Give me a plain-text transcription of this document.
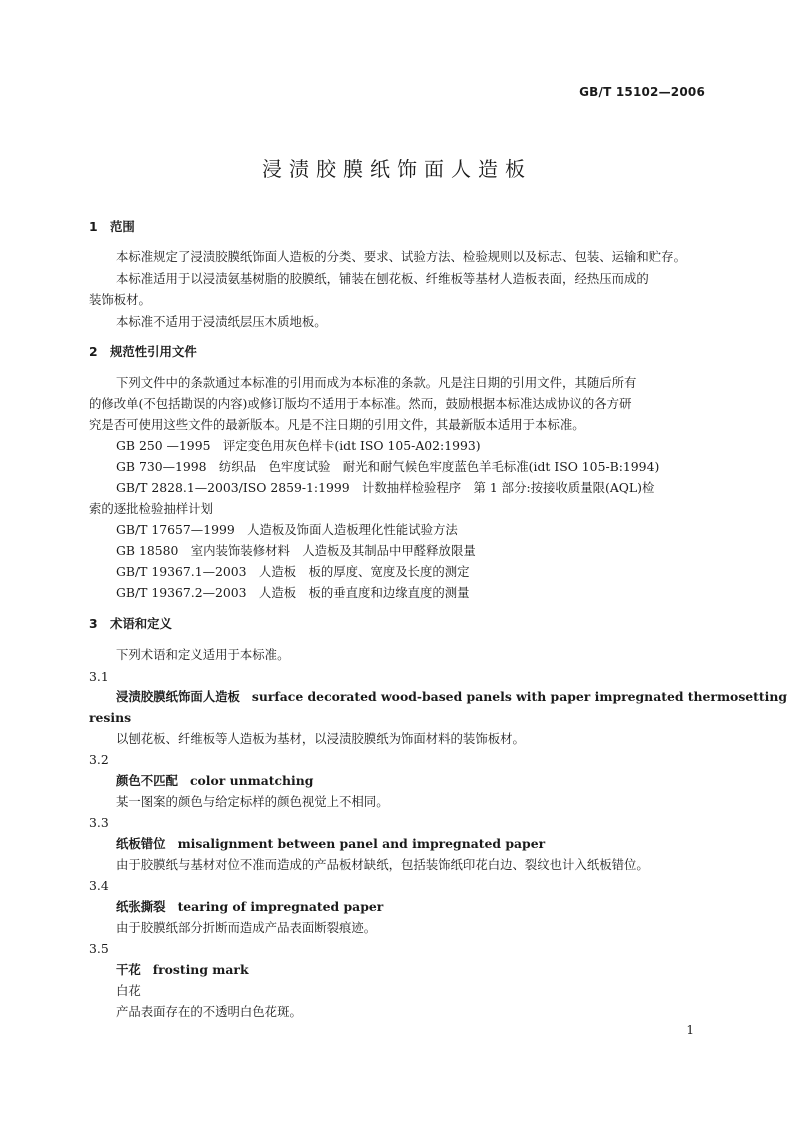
GB/T 15102—2006
浸渍胶膜纸饰面人造板
1 范围
本标准规定了浸渍胶膜纸饰面人造板的分类、要求、试验方法、检验规则以及标志、包装、运输和贮存。
本标准适用于以浸渍氨基树脂的胶膜纸，铺装在刨花板、纤维板等基材人造板表面，经热压而成的
装饰板材。
本标准不适用于浸渍纸层压木质地板。
2 规范性引用文件
下列文件中的条款通过本标准的引用而成为本标准的条款。凡是注日期的引用文件，其随后所有
的修改单(不包括勘误的内容)或修订版均不适用于本标准。然而，鼓励根据本标准达成协议的各方研
究是否可使用这些文件的最新版本。凡是不注日期的引用文件，其最新版本适用于本标准。
GB 250 —1995　评定变色用灰色样卡(idt ISO 105-A02:1993)
GB 730—1998　纺织品　色牢度试验　耐光和耐气候色牢度蓝色羊毛标准(idt ISO 105-B:1994)
GB/T 2828.1—2003/ISO 2859-1:1999　计数抽样检验程序　第 1 部分:按接收质量限(AQL)检
索的逐批检验抽样计划
GB/T 17657—1999　人造板及饰面人造板理化性能试验方法
GB 18580　室内装饰装修材料　人造板及其制品中甲醛释放限量
GB/T 19367.1—2003　人造板　板的厚度、宽度及长度的测定
GB/T 19367.2—2003　人造板　板的垂直度和边缘直度的测量
3 术语和定义
下列术语和定义适用于本标准。
3.1
浸渍胶膜纸饰面人造板 surface decorated wood-based panels with paper impregnated thermosetting
resins
以刨花板、纤维板等人造板为基材，以浸渍胶膜纸为饰面材料的装饰板材。
3.2
颜色不匹配 color unmatching
某一图案的颜色与给定标样的颜色视觉上不相同。
3.3
纸板错位 misalignment between panel and impregnated paper
由于胶膜纸与基材对位不准而造成的产品板材缺纸，包括装饰纸印花白边、裂纹也计入纸板错位。
3.4
纸张撕裂 tearing of impregnated paper
由于胶膜纸部分折断而造成产品表面断裂痕迹。
3.5
干花 frosting mark
白花
产品表面存在的不透明白色花斑。
1
